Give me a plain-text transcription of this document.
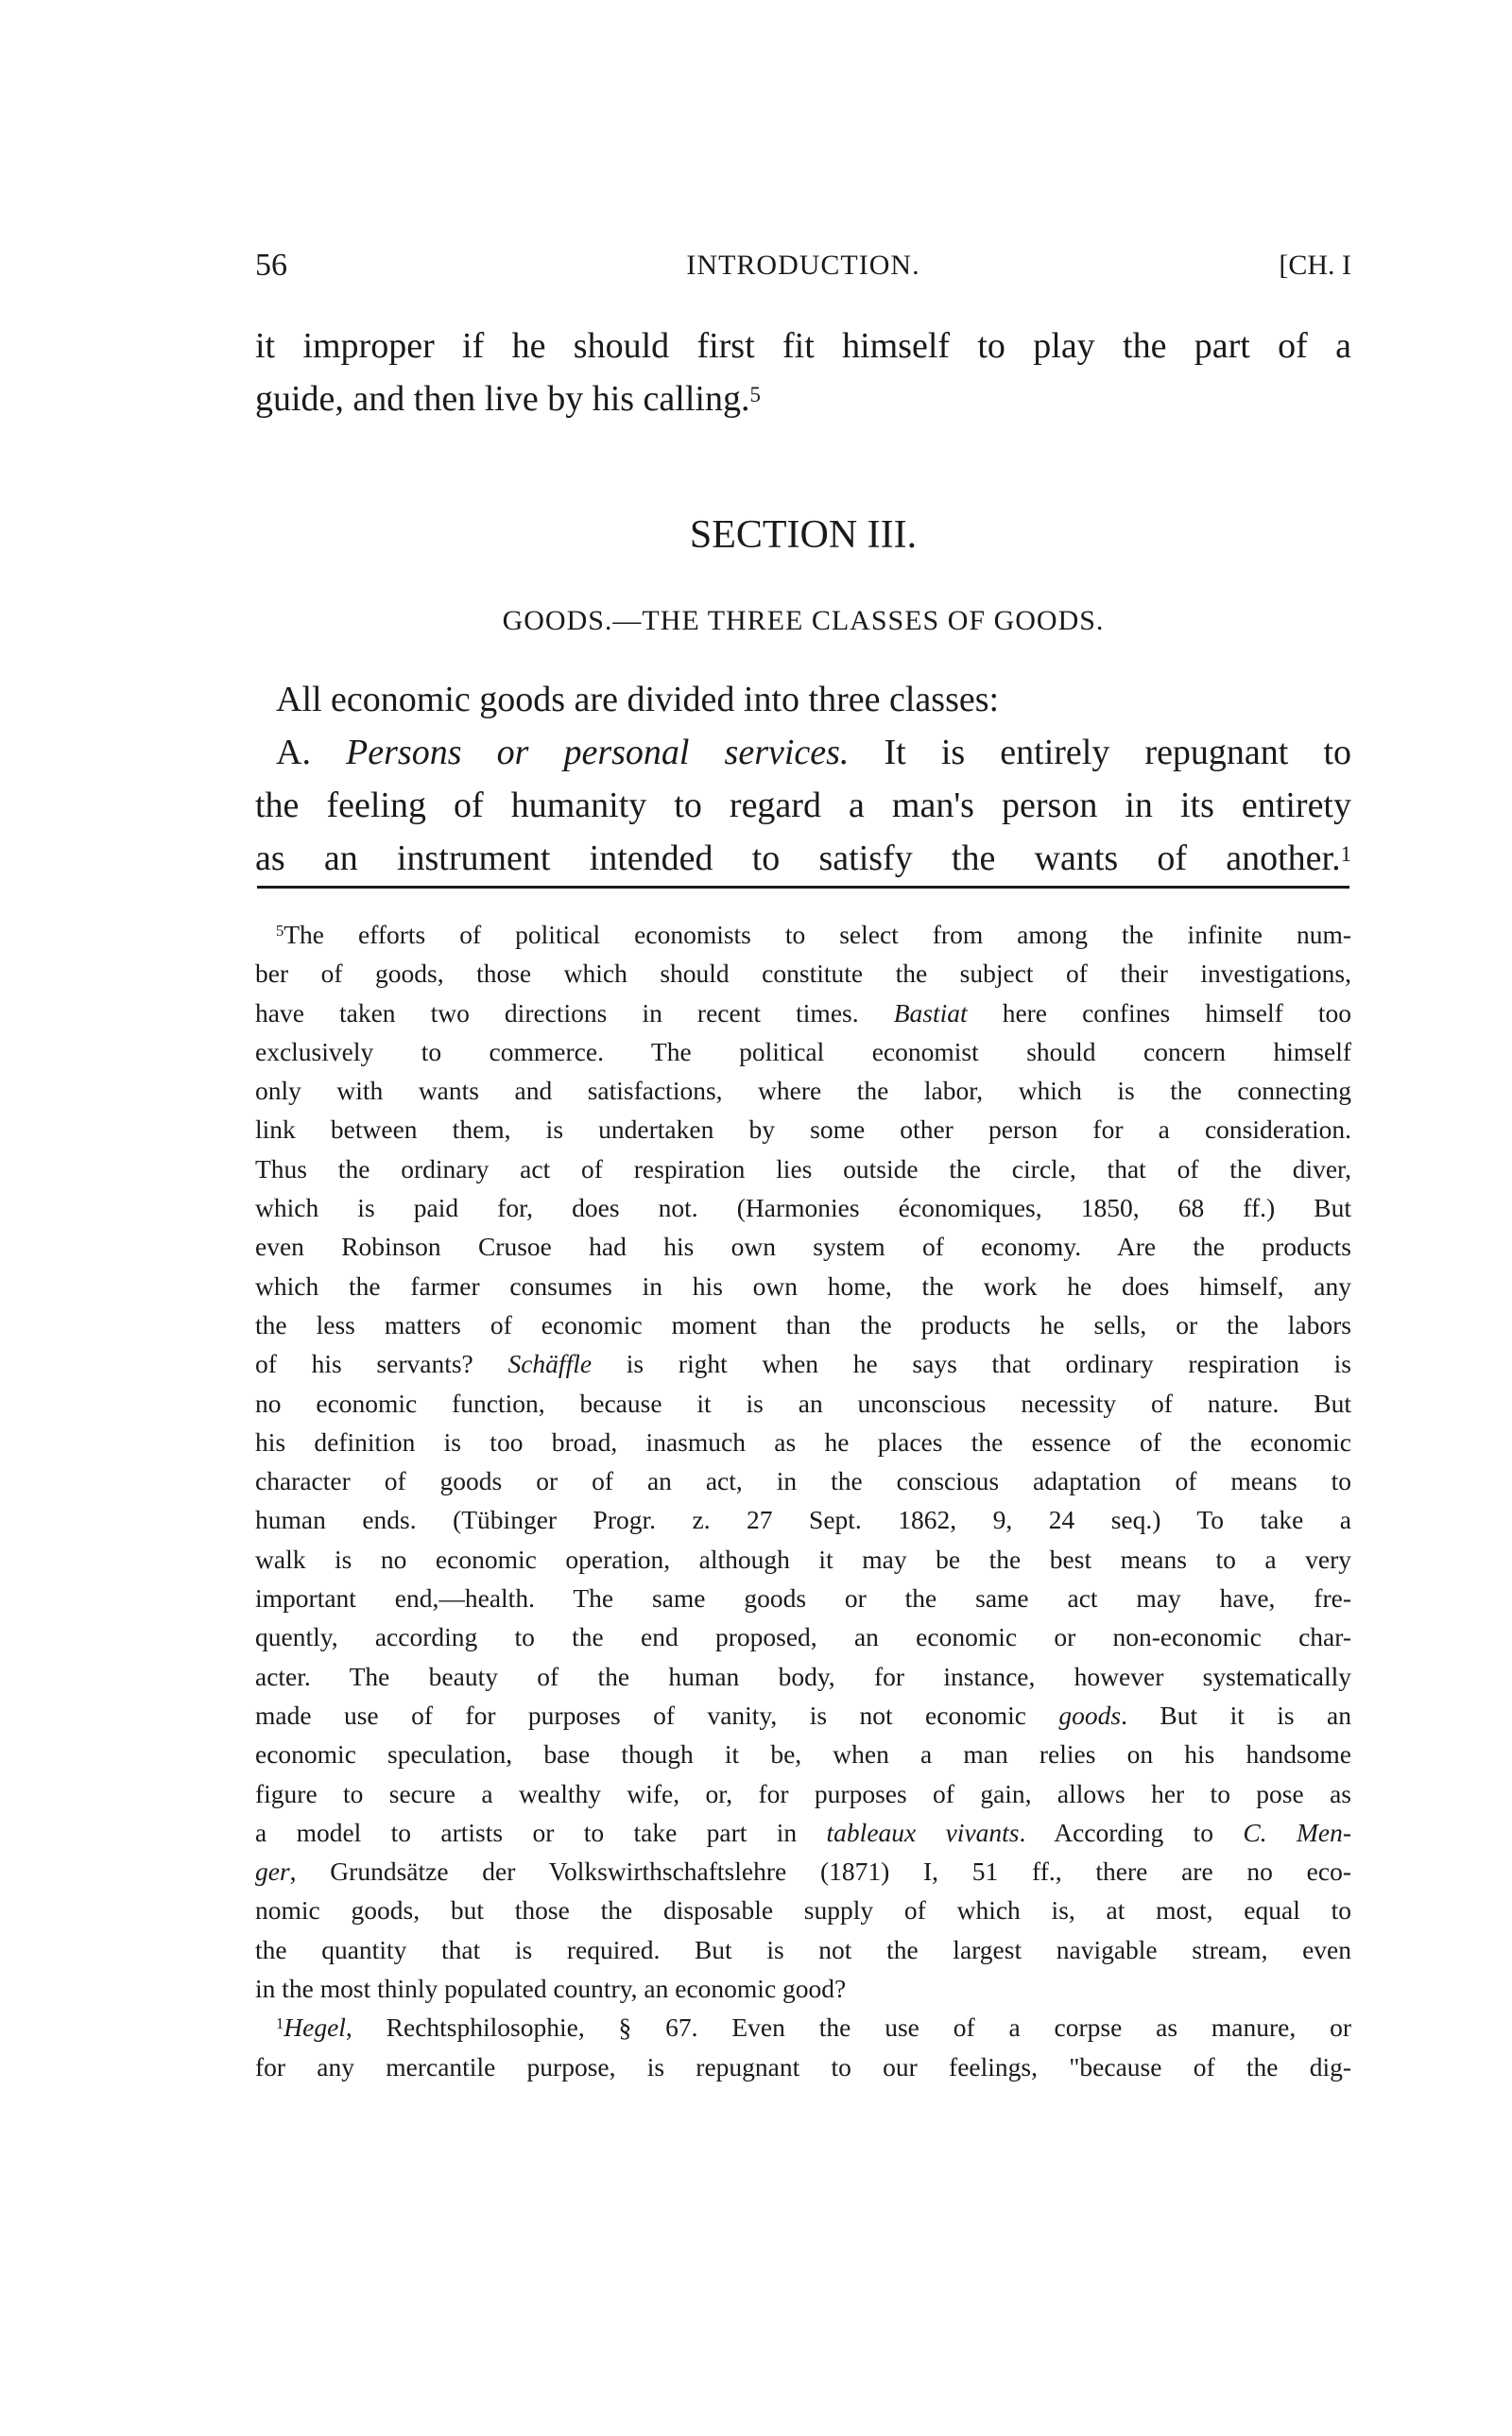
56	INTRODUCTION.	[CH. I
it improper if he should first fit himself to play the part of a
guide, and then live by his calling.$^5$
SECTION III.
GOODS.—THE THREE CLASSES OF GOODS.
All economic goods are divided into three classes:
A. Persons or personal services. It is entirely repugnant to
the feeling of humanity to regard a man's person in its entirety
as an instrument intended to satisfy the wants of another.$^1$
$^5$The efforts of political economists to select from among the infinite num-
ber of goods, those which should constitute the subject of their investigations,
have taken two directions in recent times. Bastiat here confines himself too
exclusively to commerce. The political economist should concern himself
only with wants and satisfactions, where the labor, which is the connecting
link between them, is undertaken by some other person for a consideration.
Thus the ordinary act of respiration lies outside the circle, that of the diver,
which is paid for, does not. (Harmonies économiques, 1850, 68 ff.) But
even Robinson Crusoe had his own system of economy. Are the products
which the farmer consumes in his own home, the work he does himself, any
the less matters of economic moment than the products he sells, or the labors
of his servants? Schäffle is right when he says that ordinary respiration is
no economic function, because it is an unconscious necessity of nature. But
his definition is too broad, inasmuch as he places the essence of the economic
character of goods or of an act, in the conscious adaptation of means to
human ends. (Tübinger Progr. z. 27 Sept. 1862, 9, 24 seq.) To take a
walk is no economic operation, although it may be the best means to a very
important end,—health. The same goods or the same act may have, fre-
quently, according to the end proposed, an economic or non-economic char-
acter. The beauty of the human body, for instance, however systematically
made use of for purposes of vanity, is not economic goods. But it is an
economic speculation, base though it be, when a man relies on his handsome
figure to secure a wealthy wife, or, for purposes of gain, allows her to pose as
a model to artists or to take part in tableaux vivants. According to C. Men-
ger, Grundsätze der Volkswirthschaftslehre (1871) I, 51 ff., there are no eco-
nomic goods, but those the disposable supply of which is, at most, equal to
the quantity that is required. But is not the largest navigable stream, even
in the most thinly populated country, an economic good?
$^1$Hegel, Rechtsphilosophie, § 67. Even the use of a corpse as manure, or
for any mercantile purpose, is repugnant to our feelings, "because of the dig-
